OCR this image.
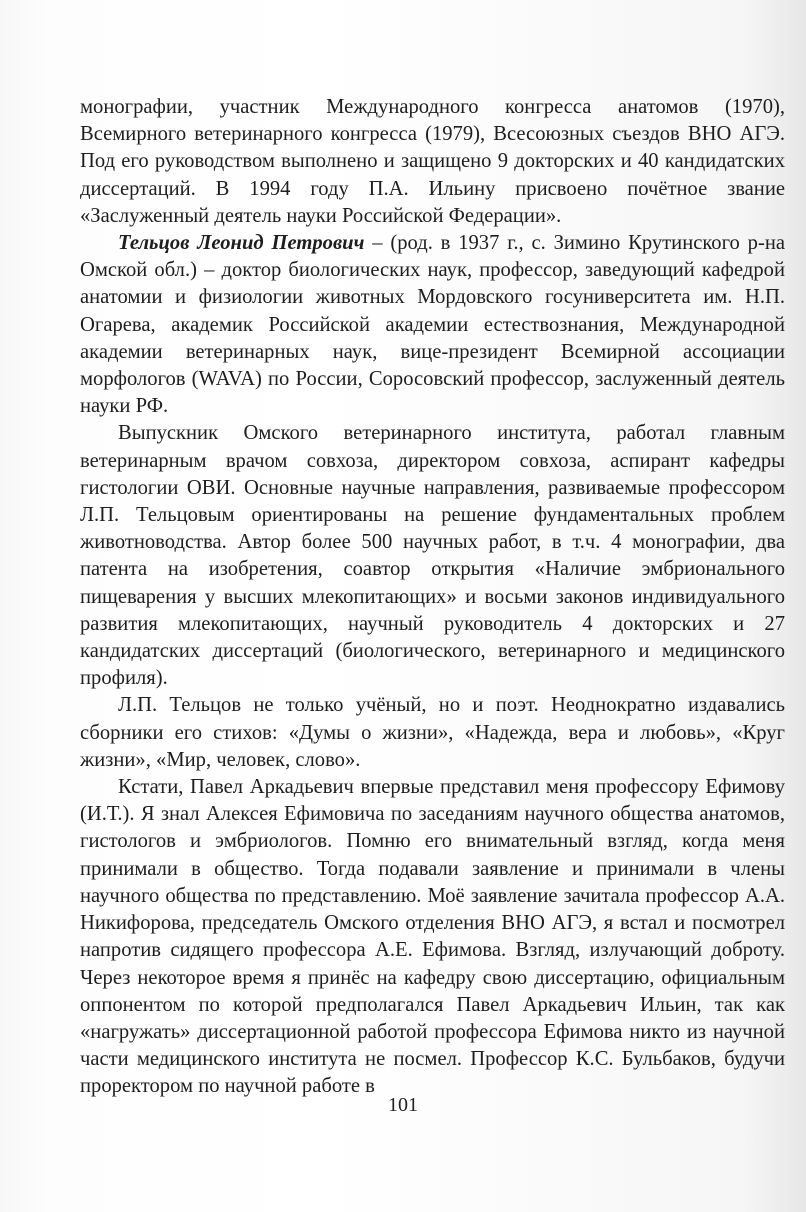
монографии, участник Международного конгресса анатомов (1970), Всемирного ветеринарного конгресса (1979), Всесоюзных съездов ВНО АГЭ. Под его руководством выполнено и защищено 9 докторских и 40 кандидатских диссертаций. В 1994 году П.А. Ильину присвоено почётное звание «Заслуженный деятель науки Российской Федерации».

Тельцов Леонид Петрович – (род. в 1937 г., с. Зимино Крутинского р-на Омской обл.) – доктор биологических наук, профессор, заведующий кафедрой анатомии и физиологии животных Мордовского госуниверситета им. Н.П. Огарева, академик Российской академии естествознания, Международной академии ветеринарных наук, вице-президент Всемирной ассоциации морфологов (WAVA) по России, Соросовский профессор, заслуженный деятель науки РФ.

Выпускник Омского ветеринарного института, работал главным ветеринарным врачом совхоза, директором совхоза, аспирант кафедры гистологии ОВИ. Основные научные направления, развиваемые профессором Л.П. Тельцовым ориентированы на решение фундаментальных проблем животноводства. Автор более 500 научных работ, в т.ч. 4 монографии, два патента на изобретения, соавтор открытия «Наличие эмбрионального пищеварения у высших млекопитающих» и восьми законов индивидуального развития млекопитающих, научный руководитель 4 докторских и 27 кандидатских диссертаций (биологического, ветеринарного и медицинского профиля).

Л.П. Тельцов не только учёный, но и поэт. Неоднократно издавались сборники его стихов: «Думы о жизни», «Надежда, вера и любовь», «Круг жизни», «Мир, человек, слово».

Кстати, Павел Аркадьевич впервые представил меня профессору Ефимову (И.Т.). Я знал Алексея Ефимовича по заседаниям научного общества анатомов, гистологов и эмбриологов. Помню его внимательный взгляд, когда меня принимали в общество. Тогда подавали заявление и принимали в члены научного общества по представлению. Моё заявление зачитала профессор А.А. Никифорова, председатель Омского отделения ВНО АГЭ, я встал и посмотрел напротив сидящего профессора А.Е. Ефимова. Взгляд, излучающий доброту. Через некоторое время я принёс на кафедру свою диссертацию, официальным оппонентом по которой предполагался Павел Аркадьевич Ильин, так как «нагружать» диссертационной работой профессора Ефимова никто из научной части медицинского института не посмел. Профессор К.С. Бульбаков, будучи проректором по научной работе в

101
